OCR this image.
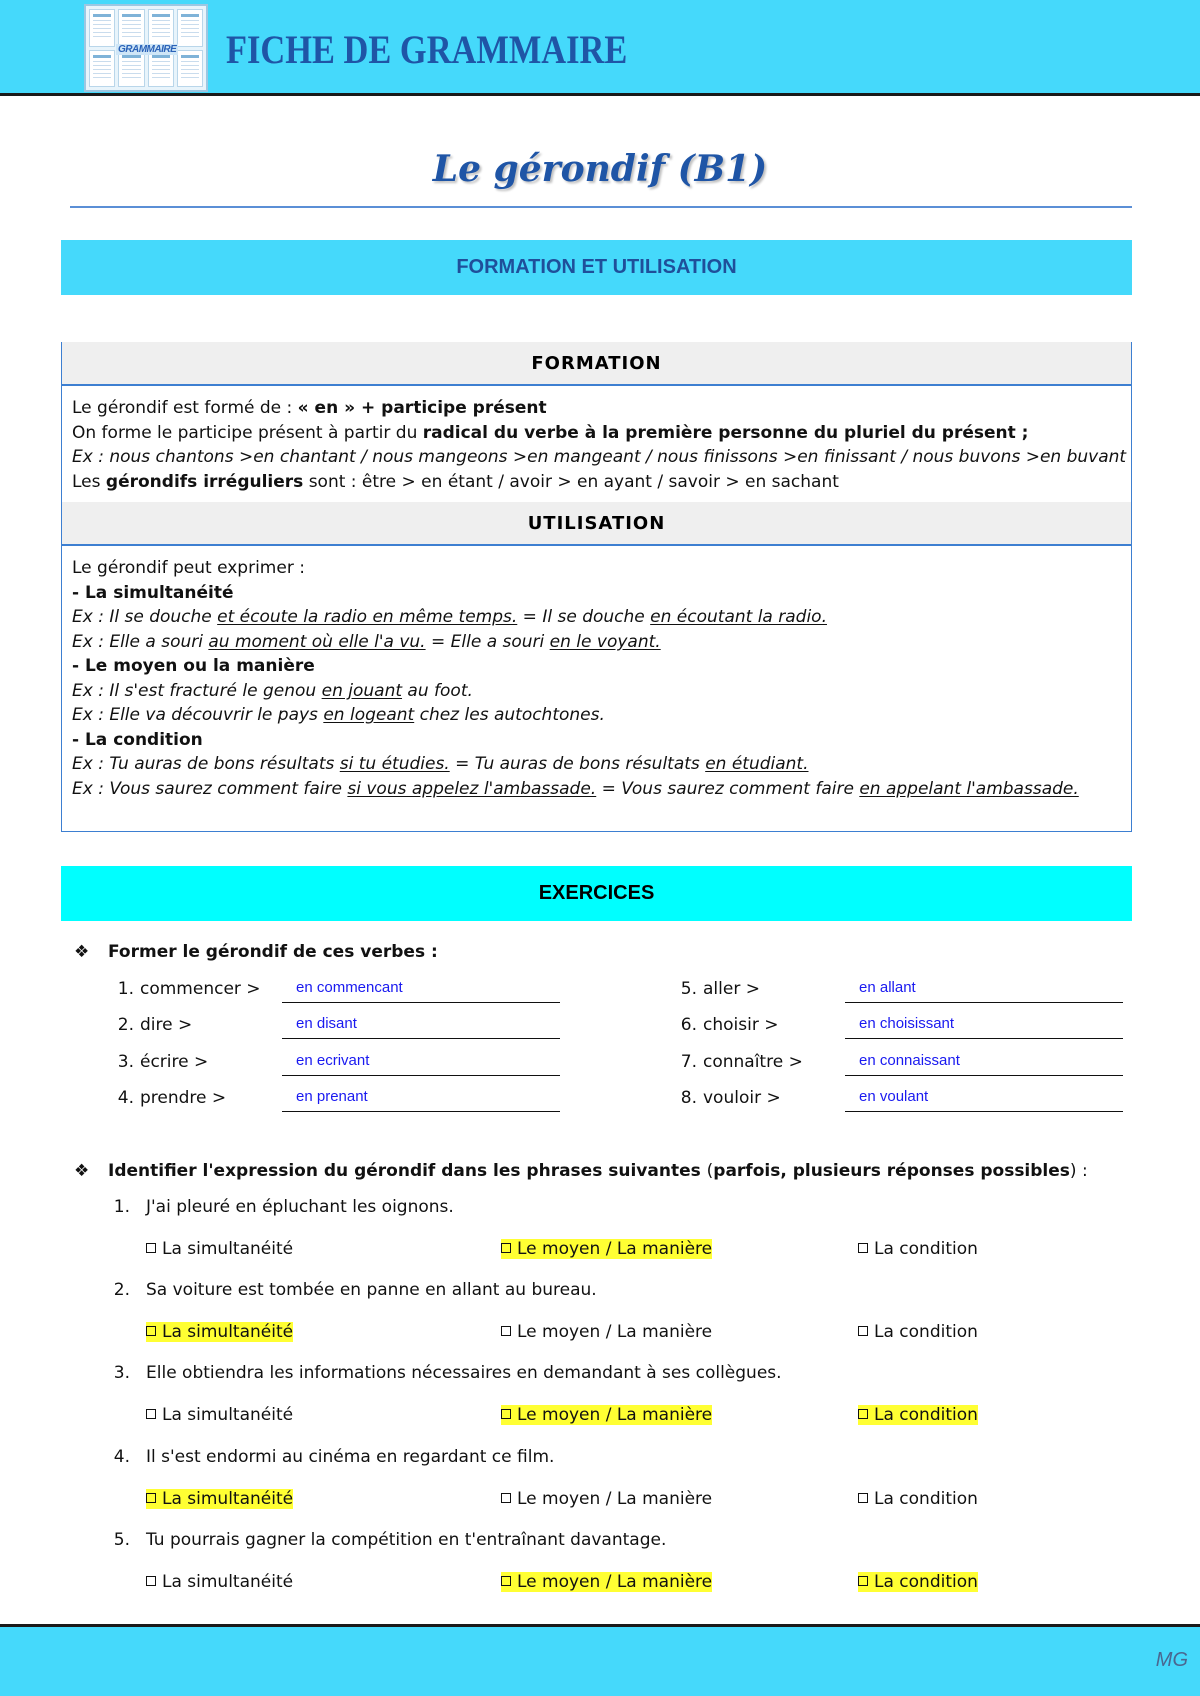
GRAMMAIRE FICHE DE GRAMMAIRE
Le gérondif (B1)
FORMATION ET UTILISATION
FORMATION

Le gérondif est formé de : « en » + participe présent

On forme le participe présent à partir du radical du verbe à la première personne du pluriel du présent ;

Ex : nous chantons >en chantant / nous mangeons >en mangeant / nous finissons >en finissant / nous buvons >en buvant

Les gérondifs irréguliers sont : être > en étant / avoir > en ayant / savoir > en sachant

UTILISATION

Le gérondif peut exprimer :

- La simultanéité

Ex : Il se douche et écoute la radio en même temps. = Il se douche en écoutant la radio.

Ex : Elle a souri au moment où elle l'a vu. = Elle a souri en le voyant.

- Le moyen ou la manière

Ex : Il s'est fracturé le genou en jouant au foot.

Ex : Elle va découvrir le pays en logeant chez les autochtones.

- La condition

Ex : Tu auras de bons résultats si tu étudies. = Tu auras de bons résultats en étudiant.

Ex : Vous saurez comment faire si vous appelez l'ambassade. = Vous saurez comment faire en appelant l'ambassade.

EXERCICES
❖ Former le gérondif de ces verbes :
1. commencer >	en commencant
2. dire >	en disant
3. écrire >	en ecrivant
4. prendre >	en prenant
5. aller >	en allant
6. choisir >	en choisissant
7. connaître >	en connaissant
8. vouloir >	en voulant
❖ Identifier l'expression du gérondif dans les phrases suivantes (parfois, plusieurs réponses possibles) :
1. J'ai pleuré en épluchant les oignons.
La simultanéité	Le moyen / La manière	La condition
2. Sa voiture est tombée en panne en allant au bureau.
La simultanéité	Le moyen / La manière	La condition
3. Elle obtiendra les informations nécessaires en demandant à ses collègues.
La simultanéité	Le moyen / La manière	La condition
4. Il s'est endormi au cinéma en regardant ce film.
La simultanéité	Le moyen / La manière	La condition
5. Tu pourrais gagner la compétition en t'entraînant davantage.
La simultanéité	Le moyen / La manière	La condition
MG
